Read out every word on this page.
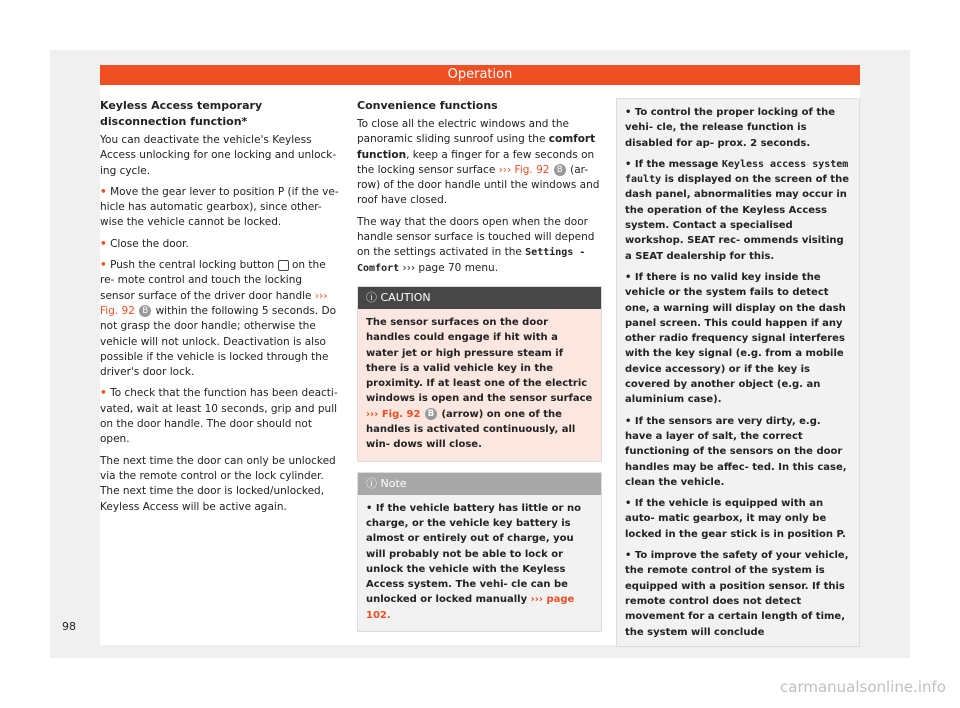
Operation
Keyless Access temporary disconnection function*

You can deactivate the vehicle's Keyless Access unlocking for one locking and unlock- ing cycle.

• Move the gear lever to position P (if the ve- hicle has automatic gearbox), since other- wise the vehicle cannot be locked.

• Close the door.

• Push the central locking button on the re- mote control and touch the locking sensor surface of the driver door handle ››› Fig. 92 B within the following 5 seconds. Do not grasp the door handle; otherwise the vehicle will not unlock. Deactivation is also possible if the vehicle is locked through the driver's door lock.

• To check that the function has been deacti- vated, wait at least 10 seconds, grip and pull on the door handle. The door should not open.

The next time the door can only be unlocked via the remote control or the lock cylinder. The next time the door is locked/unlocked, Keyless Access will be active again.

Convenience functions

To close all the electric windows and the panoramic sliding sunroof using the comfort function, keep a finger for a few seconds on the locking sensor surface ››› Fig. 92 B (ar- row) of the door handle until the windows and roof have closed.

The way that the doors open when the door handle sensor surface is touched will depend on the settings activated in the Settings - Comfort ››› page 70 menu.

ⓘ CAUTION
The sensor surfaces on the door handles could engage if hit with a water jet or high pressure steam if there is a valid vehicle key in the proximity. If at least one of the electric windows is open and the sensor surface ››› Fig. 92 B (arrow) on one of the handles is activated continuously, all win- dows will close.
ⓘ Note
• If the vehicle battery has little or no charge, or the vehicle key battery is almost or entirely out of charge, you will probably not be able to lock or unlock the vehicle with the Keyless Access system. The vehi- cle can be unlocked or locked manually ››› page 102.

• To control the proper locking of the vehi- cle, the release function is disabled for ap- prox. 2 seconds.

• If the message Keyless access system faulty is displayed on the screen of the dash panel, abnormalities may occur in the operation of the Keyless Access system. Contact a specialised workshop. SEAT rec- ommends visiting a SEAT dealership for this.

• If there is no valid key inside the vehicle or the system fails to detect one, a warning will display on the dash panel screen. This could happen if any other radio frequency signal interferes with the key signal (e.g. from a mobile device accessory) or if the key is covered by another object (e.g. an aluminium case).

• If the sensors are very dirty, e.g. have a layer of salt, the correct functioning of the sensors on the door handles may be affec- ted. In this case, clean the vehicle.

• If the vehicle is equipped with an auto- matic gearbox, it may only be locked in the gear stick is in position P.

• To improve the safety of your vehicle, the remote control of the system is equipped with a position sensor. If this remote control does not detect movement for a certain length of time, the system will conclude

98
carmanualsonline.info
